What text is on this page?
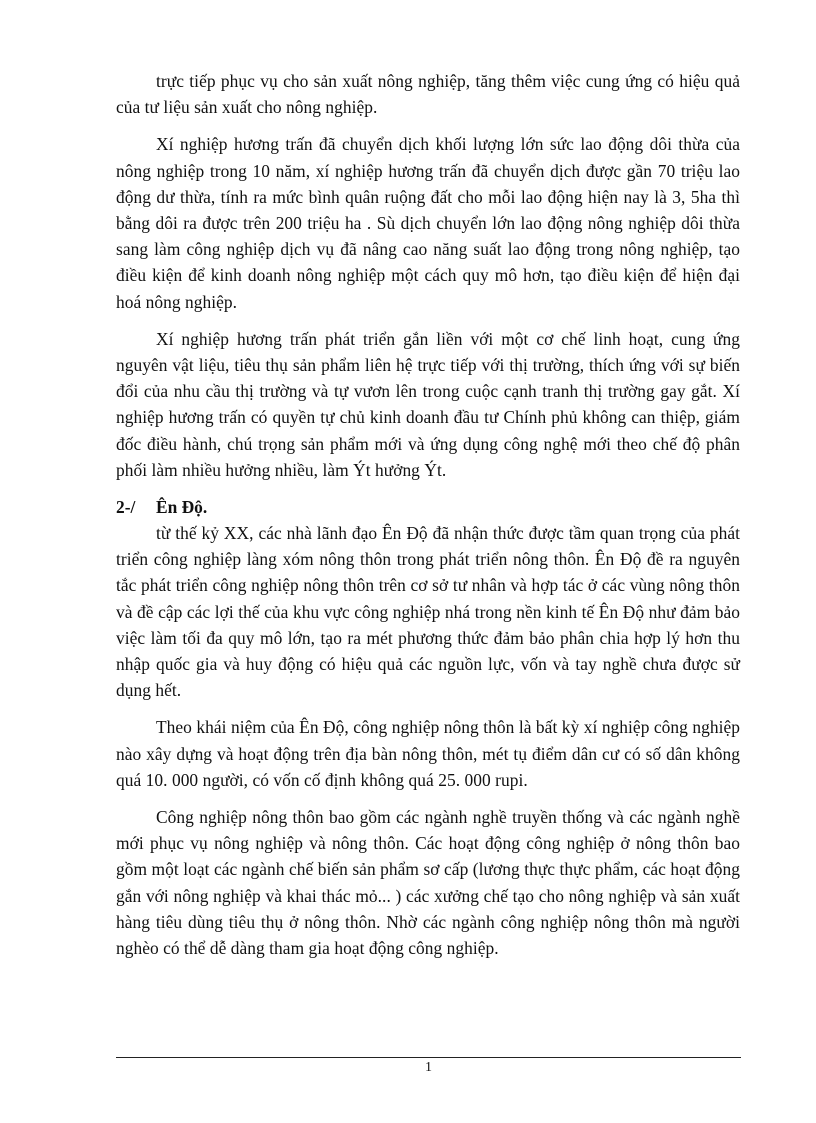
trực tiếp phục vụ cho sản xuất nông nghiệp, tăng thêm việc cung ứng có hiệu quả của tư liệu sản xuất cho nông nghiệp.

Xí nghiệp hương trấn đã chuyển dịch khối lượng lớn sức lao động dôi thừa của nông nghiệp trong 10 năm, xí nghiệp hương trấn đã chuyển dịch được gần 70 triệu lao động dư thừa, tính ra mức bình quân ruộng đất cho mỗi lao động hiện nay là 3, 5ha thì bằng dôi ra được trên 200 triệu ha . Sù dịch chuyển lớn lao động nông nghiệp dôi thừa sang làm công nghiệp dịch vụ đã nâng cao năng suất lao động trong nông nghiệp, tạo điều kiện để kinh doanh nông nghiệp một cách quy mô hơn, tạo điều kiện để hiện đại hoá nông nghiệp.

Xí nghiệp hương trấn phát triển gắn liền với một cơ chế linh hoạt, cung ứng nguyên vật liệu, tiêu thụ sản phẩm liên hệ trực tiếp với thị trường, thích ứng với sự biến đổi của nhu cầu thị trường và tự vươn lên trong cuộc cạnh tranh thị trường gay gắt. Xí nghiệp hương trấn có quyền tự chủ kinh doanh đầu tư Chính phủ không can thiệp, giám đốc điều hành, chú trọng sản phẩm mới và ứng dụng công nghệ mới theo chế độ phân phối làm nhiều hưởng nhiều, làm Ýt hưởng Ýt.

2-/	Ên Độ.

từ thế kỷ XX, các nhà lãnh đạo Ên Độ đã nhận thức được tầm quan trọng của phát triển công nghiệp làng xóm nông thôn trong phát triển nông thôn. Ên Độ đề ra nguyên tắc phát triển công nghiệp nông thôn trên cơ sở tư nhân và hợp tác ở các vùng nông thôn và đề cập các lợi thế của khu vực công nghiệp nhá trong nền kinh tế Ên Độ như đảm bảo việc làm tối đa quy mô lớn, tạo ra mét phương thức đảm bảo phân chia hợp lý hơn thu nhập quốc gia và huy động có hiệu quả các nguồn lực, vốn và tay nghề chưa được sử dụng hết.

Theo khái niệm của Ên Độ, công nghiệp nông thôn là bất kỳ xí nghiệp công nghiệp nào xây dựng và hoạt động trên địa bàn nông thôn, mét tụ điểm dân cư có số dân không quá 10. 000 người, có vốn cố định không quá 25. 000 rupi.

Công nghiệp nông thôn bao gồm các ngành nghề truyền thống và các ngành nghề mới phục vụ nông nghiệp và nông thôn. Các hoạt động công nghiệp ở nông thôn bao gồm một loạt các ngành chế biến sản phẩm sơ cấp (lương thực thực phẩm, các hoạt động gắn với nông nghiệp và khai thác mỏ... ) các xưởng chế tạo cho nông nghiệp và sản xuất hàng tiêu dùng tiêu thụ ở nông thôn. Nhờ các ngành công nghiệp nông thôn mà người nghèo có thể dễ dàng tham gia hoạt động công nghiệp.

1
